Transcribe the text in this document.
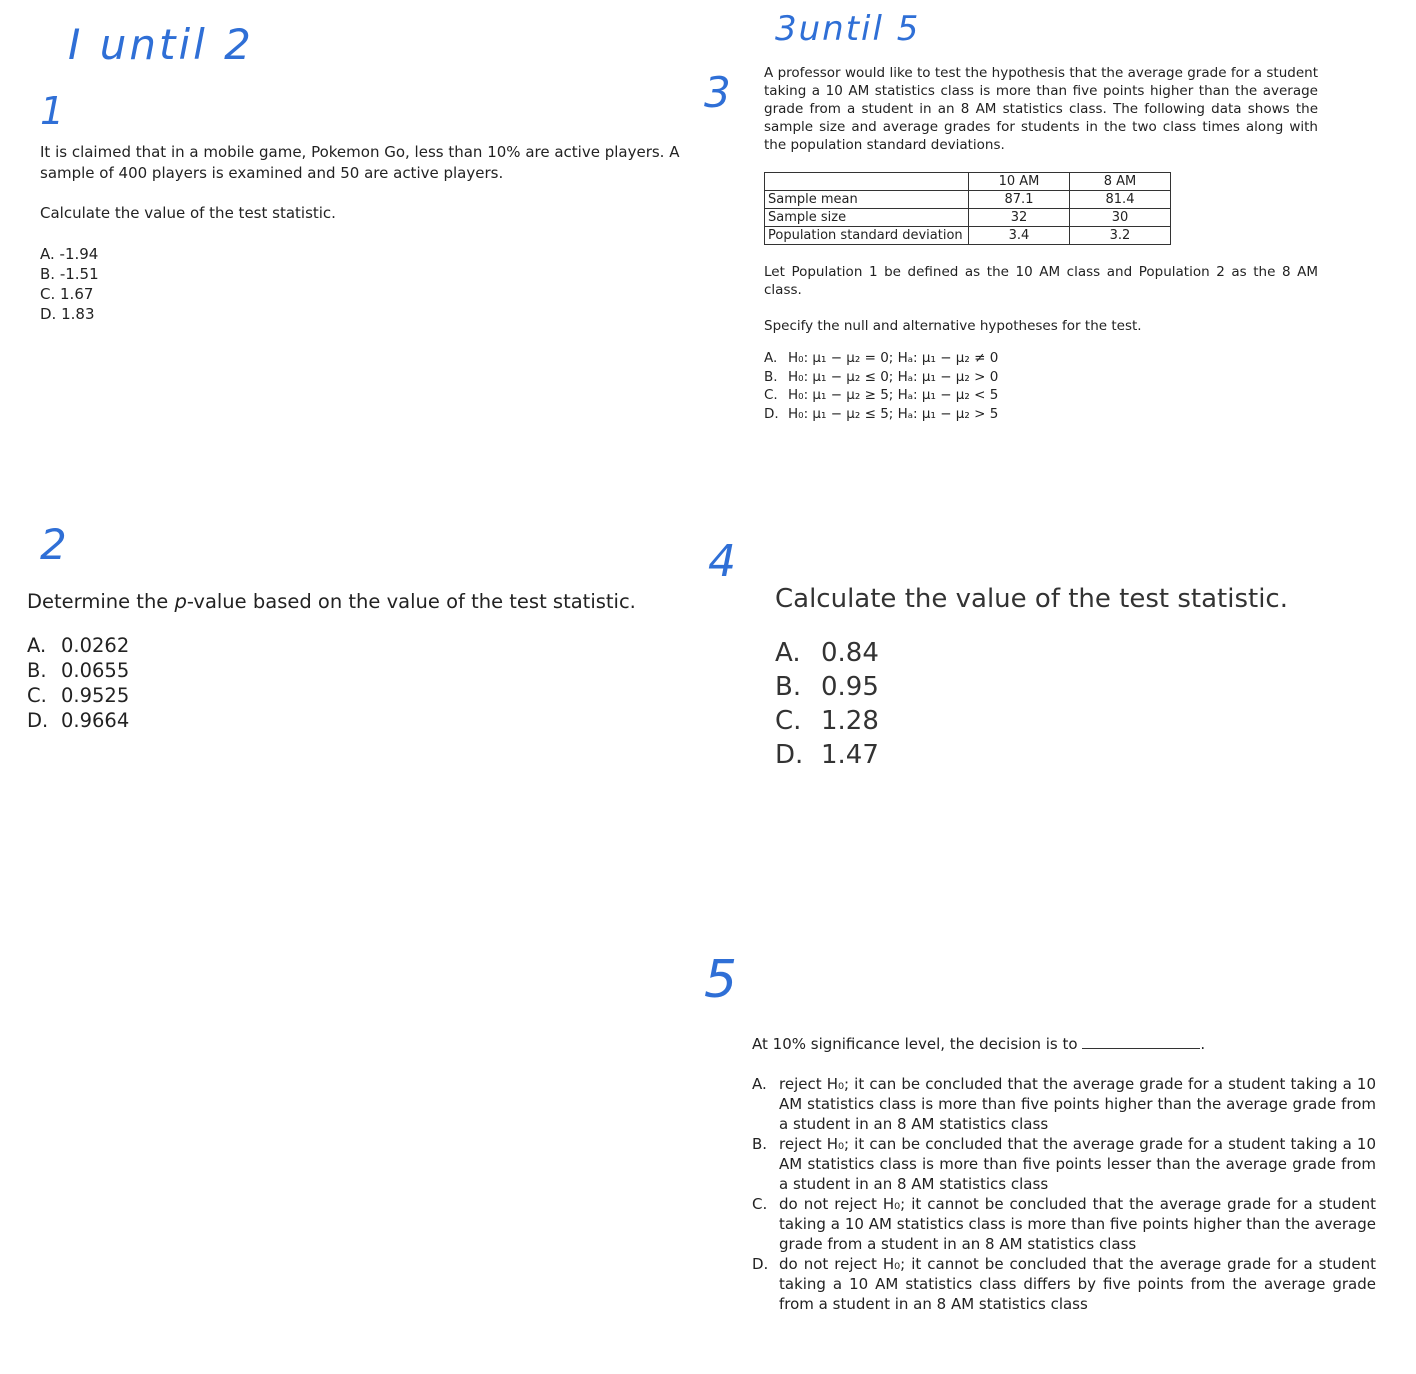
I until 2	3until 5
1
2
3
4
5

It is claimed that in a mobile game, Pokemon Go, less than 10% are active players. A sample of 400 players is examined and 50 are active players.

Calculate the value of the test statistic.

A. -1.94
B. -1.51
C. 1.67
D. 1.83

A professor would like to test the hypothesis that the average grade for a student taking a 10 AM statistics class is more than five points higher than the average grade from a student in an 8 AM statistics class. The following data shows the sample size and average grades for students in the two class times along with the population standard deviations.

	10 AM	8 AM
Sample mean	87.1	81.4
Sample size	32	30
Population standard deviation	3.4	3.2

Let Population 1 be defined as the 10 AM class and Population 2 as the 8 AM class.

Specify the null and alternative hypotheses for the test.

A. H₀: μ₁ − μ₂ = 0; Hₐ: μ₁ − μ₂ ≠ 0
B. H₀: μ₁ − μ₂ ≤ 0; Hₐ: μ₁ − μ₂ > 0
C. H₀: μ₁ − μ₂ ≥ 5; Hₐ: μ₁ − μ₂ < 5
D. H₀: μ₁ − μ₂ ≤ 5; Hₐ: μ₁ − μ₂ > 5
Determine the p-value based on the value of the test statistic.
A. 0.0262
B. 0.0655
C. 0.9525
D. 0.9664
Calculate the value of the test statistic.
A. 0.84
B. 0.95
C. 1.28
D. 1.47
At 10% significance level, the decision is to	.
A. reject H₀; it can be concluded that the average grade for a student taking a 10 AM statistics class is more than five points higher than the average grade from a student in an 8 AM statistics class
B. reject H₀; it can be concluded that the average grade for a student taking a 10 AM statistics class is more than five points lesser than the average grade from a student in an 8 AM statistics class
C. do not reject H₀; it cannot be concluded that the average grade for a student taking a 10 AM statistics class is more than five points higher than the average grade from a student in an 8 AM statistics class
D. do not reject H₀; it cannot be concluded that the average grade for a student taking a 10 AM statistics class differs by five points from the average grade from a student in an 8 AM statistics class
